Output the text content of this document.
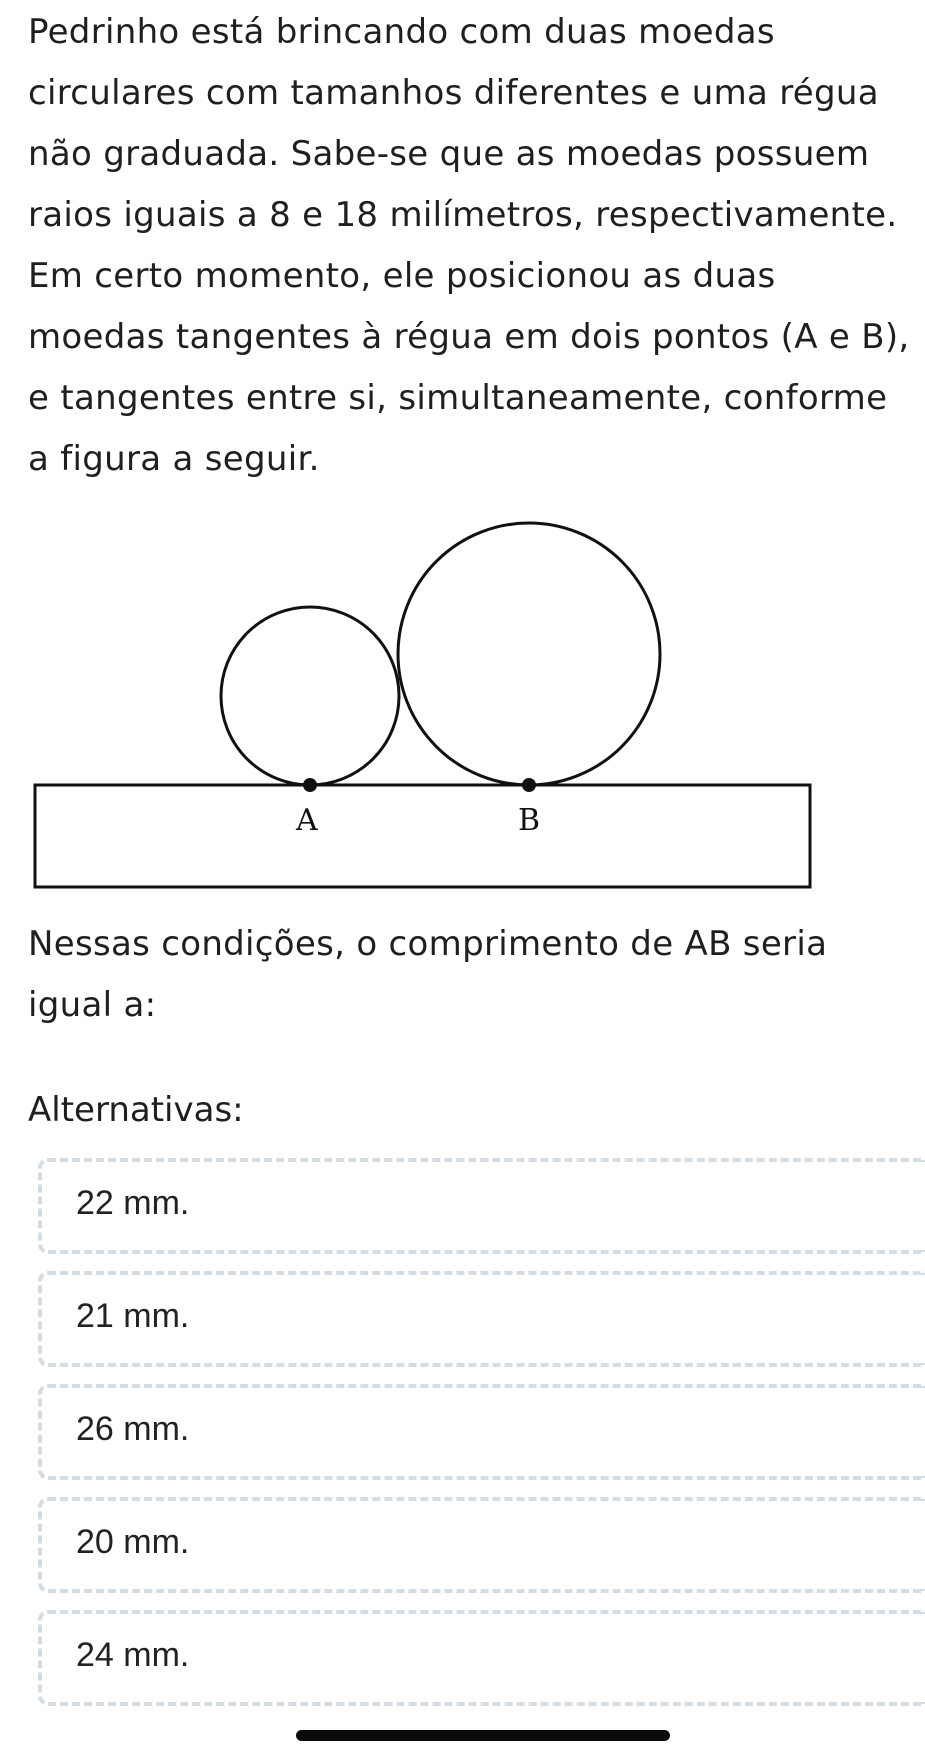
Pedrinho está brincando com duas moedas circulares com tamanhos diferentes e uma régua não graduada. Sabe-se que as moedas possuem raios iguais a 8 e 18 milímetros, respectivamente. Em certo momento, ele posicionou as duas moedas tangentes à régua em dois pontos (A e B), e tangentes entre si, simultaneamente, conforme a figura a seguir.

A	B

Nessas condições, o comprimento de AB seria igual a:

Alternativas:

22 mm.
21 mm.
26 mm.
20 mm.
24 mm.
